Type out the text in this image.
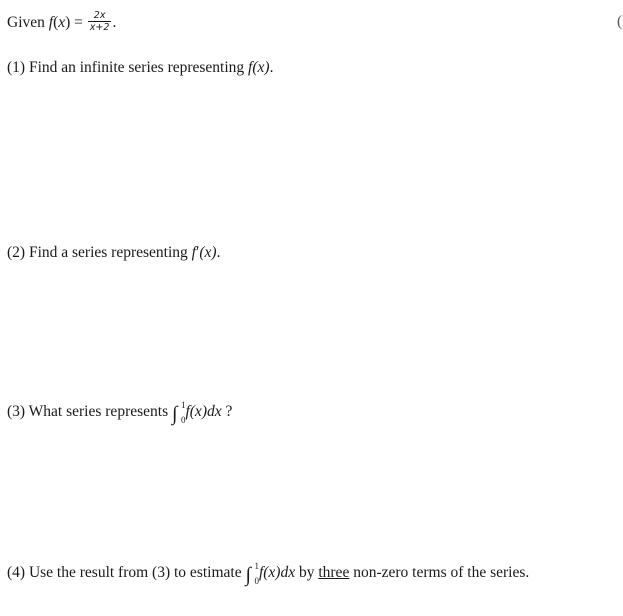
Given $f(x) = \frac{2x}{x+2}$ .	(
(1) Find an infinite series representing f(x).
(2) Find a series representing f′(x).
(3) What series represents ∫ 1
0 f(x)dx ?
(4) Use the result from (3) to estimate ∫ 1
0 f(x)dx by three non-zero terms of the series.
